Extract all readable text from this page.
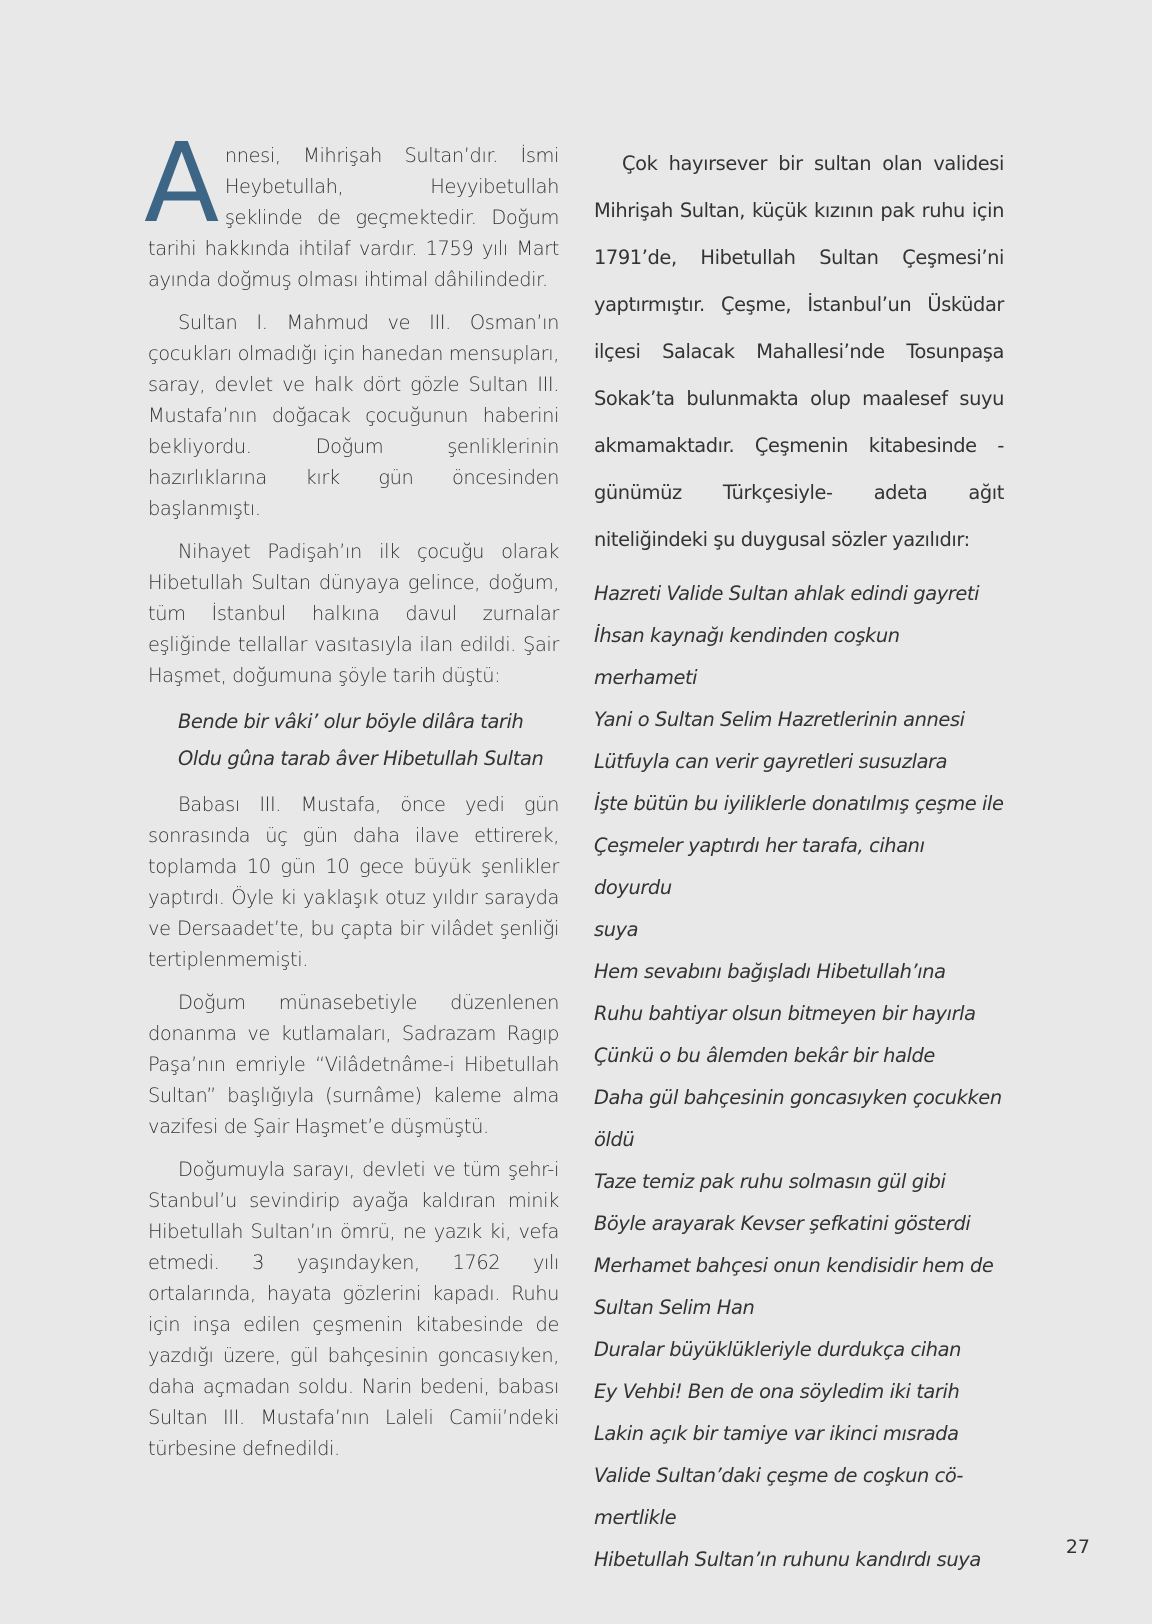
Annesi, Mihrişah Sultan’dır. İsmi Heybetullah, Heyyibetullah şeklinde de geçmektedir. Doğum tarihi hakkında ihtilaf vardır. 1759 yılı Mart ayında doğmuş olması ihtimal dâhilindedir.

Sultan I. Mahmud ve III. Osman’ın çocukları olmadığı için hanedan mensupları, saray, devlet ve halk dört gözle Sultan III. Mustafa’nın doğacak çocuğunun haberini bekliyordu. Doğum şenliklerinin hazırlıklarına kırk gün öncesinden başlanmıştı.

Nihayet Padişah’ın ilk çocuğu olarak Hibetullah Sultan dünyaya gelince, doğum, tüm İstanbul halkına davul zurnalar eşliğinde tellallar vasıtasıyla ilan edildi. Şair Haşmet, doğumuna şöyle tarih düştü:

Bende bir vâki’ olur böyle dilâra tarih
Oldu gûna tarab âver Hibetullah Sultan

Babası III. Mustafa, önce yedi gün sonrasında üç gün daha ilave ettirerek, toplamda 10 gün 10 gece büyük şenlikler yaptırdı. Öyle ki yaklaşık otuz yıldır sarayda ve Dersaadet’te, bu çapta bir vilâdet şenliği tertiplenmemişti.

Doğum münasebetiyle düzenlenen donanma ve kutlamaları, Sadrazam Ragıp Paşa’nın emriyle “Vilâdetnâme-i Hibetullah Sultan” başlığıyla (surnâme) kaleme alma vazifesi de Şair Haşmet’e düşmüştü.

Doğumuyla sarayı, devleti ve tüm şehr-i Stanbul’u sevindirip ayağa kaldıran minik Hibetullah Sultan’ın ömrü, ne yazık ki, vefa etmedi. 3 yaşındayken, 1762 yılı ortalarında, hayata gözlerini kapadı. Ruhu için inşa edilen çeşmenin kitabesinde de yazdığı üzere, gül bahçesinin goncasıyken, daha açmadan soldu. Narin bedeni, babası Sultan III. Mustafa’nın Laleli Camii’ndeki türbesine defnedildi.

Çok hayırsever bir sultan olan validesi Mihrişah Sultan, küçük kızının pak ruhu için 1791’de, Hibetullah Sultan Çeşmesi’ni yaptırmıştır. Çeşme, İstanbul’un Üsküdar ilçesi Salacak Mahallesi’nde Tosunpaşa Sokak’ta bulunmakta olup maalesef suyu akmamaktadır. Çeşmenin kitabesinde -günümüz Türkçesiyle- adeta ağıt niteliğindeki şu duygusal sözler yazılıdır:

Hazreti Valide Sultan ahlak edindi gayreti
İhsan kaynağı kendinden coşkun merhameti
Yani o Sultan Selim Hazretlerinin annesi
Lütfuyla can verir gayretleri susuzlara
İşte bütün bu iyiliklerle donatılmış çeşme ile
Çeşmeler yaptırdı her tarafa, cihanı doyurdu
suya
Hem sevabını bağışladı Hibetullah’ına
Ruhu bahtiyar olsun bitmeyen bir hayırla
Çünkü o bu âlemden bekâr bir halde
Daha gül bahçesinin goncasıyken çocukken
öldü
Taze temiz pak ruhu solmasın gül gibi
Böyle arayarak Kevser şefkatini gösterdi
Merhamet bahçesi onun kendisidir hem de
Sultan Selim Han
Duralar büyüklükleriyle durdukça cihan
Ey Vehbi! Ben de ona söyledim iki tarih
Lakin açık bir tamiye var ikinci mısrada
Valide Sultan’daki çeşme de coşkun cö-
mertlikle
Hibetullah Sultan’ın ruhunu kandırdı suya
27
